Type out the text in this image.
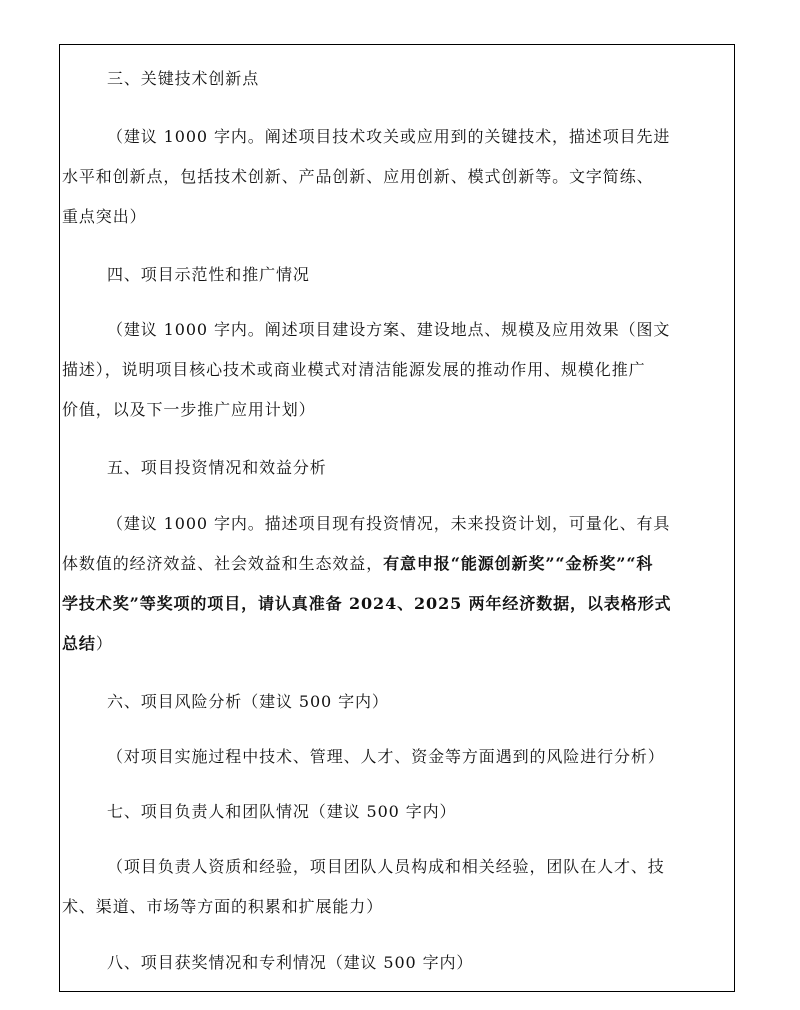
三、关键技术创新点
（建议 1000 字内。阐述项目技术攻关或应用到的关键技术，描述项目先进
水平和创新点，包括技术创新、产品创新、应用创新、模式创新等。文字简练、
重点突出）
四、项目示范性和推广情况
（建议 1000 字内。阐述项目建设方案、建设地点、规模及应用效果（图文
描述），说明项目核心技术或商业模式对清洁能源发展的推动作用、规模化推广
价值，以及下一步推广应用计划）
五、项目投资情况和效益分析
（建议 1000 字内。描述项目现有投资情况，未来投资计划，可量化、有具
体数值的经济效益、社会效益和生态效益，有意申报“能源创新奖”“金桥奖”“科
学技术奖”等奖项的项目，请认真准备 2024、2025 两年经济数据，以表格形式
总结）
六、项目风险分析（建议 500 字内）
（对项目实施过程中技术、管理、人才、资金等方面遇到的风险进行分析）
七、项目负责人和团队情况（建议 500 字内）
（项目负责人资质和经验，项目团队人员构成和相关经验，团队在人才、技
术、渠道、市场等方面的积累和扩展能力）
八、项目获奖情况和专利情况（建议 500 字内）
